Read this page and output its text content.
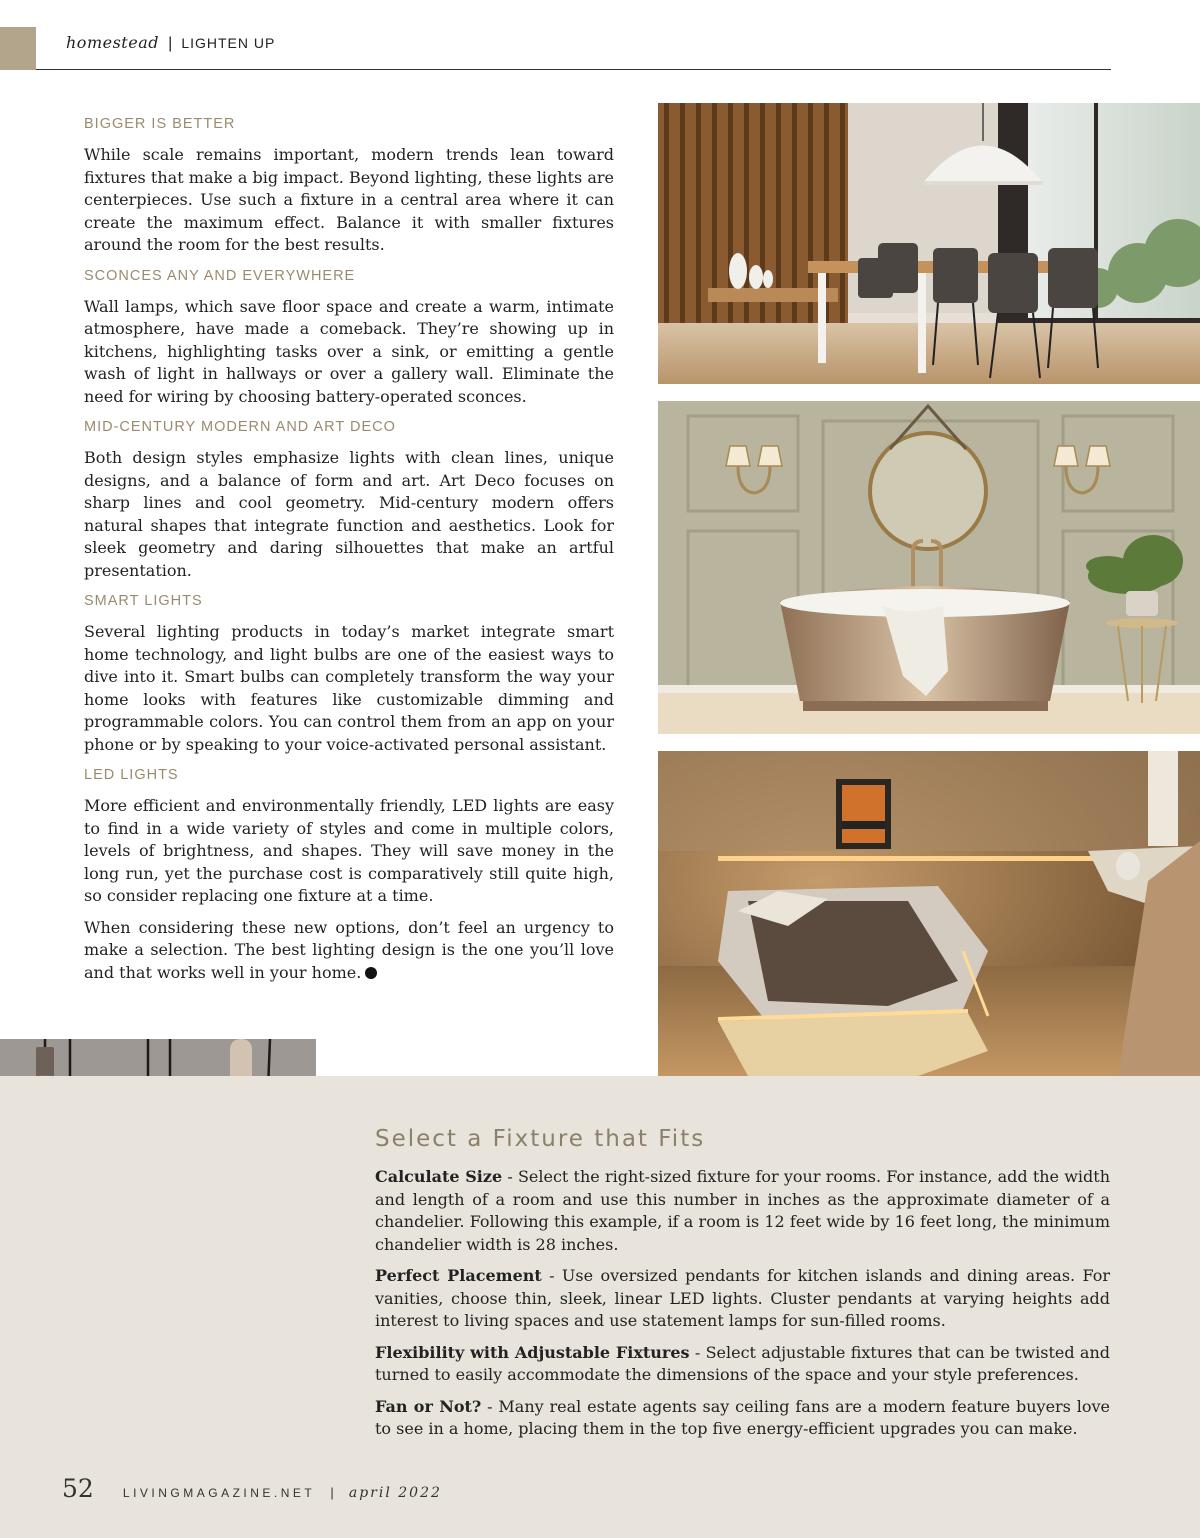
homestead | LIGHTEN UP
BIGGER IS BETTER

While scale remains important, modern trends lean toward fixtures that make a big impact. Beyond lighting, these lights are centerpieces. Use such a fixture in a central area where it can create the maximum effect. Balance it with smaller fixtures around the room for the best results.

SCONCES ANY AND EVERYWHERE

Wall lamps, which save floor space and create a warm, intimate atmosphere, have made a comeback. They’re showing up in kitchens, highlighting tasks over a sink, or emitting a gentle wash of light in hallways or over a gallery wall. Eliminate the need for wiring by choosing battery-operated sconces.

MID-CENTURY MODERN AND ART DECO

Both design styles emphasize lights with clean lines, unique designs, and a balance of form and art. Art Deco focuses on sharp lines and cool geometry. Mid-century modern offers natural shapes that integrate function and aesthetics. Look for sleek geometry and daring silhouettes that make an artful presentation.

SMART LIGHTS

Several lighting products in today’s market integrate smart home technology, and light bulbs are one of the easiest ways to dive into it. Smart bulbs can completely transform the way your home looks with features like customizable dimming and programmable colors. You can control them from an app on your phone or by speaking to your voice-activated personal assistant.

LED LIGHTS

More efficient and environmentally friendly, LED lights are easy to find in a wide variety of styles and come in multiple colors, levels of brightness, and shapes. They will save money in the long run, yet the purchase cost is comparatively still quite high, so consider replacing one fixture at a time.

When considering these new options, don’t feel an urgency to make a selection. The best lighting design is the one you’ll love and that works well in your home.

Select a Fixture that Fits

Calculate Size - Select the right-sized fixture for your rooms. For instance, add the width and length of a room and use this number in inches as the approximate diameter of a chandelier. Following this example, if a room is 12 feet wide by 16 feet long, the minimum chandelier width is 28 inches.

Perfect Placement - Use oversized pendants for kitchen islands and dining areas. For vanities, choose thin, sleek, linear LED lights. Cluster pendants at varying heights add interest to living spaces and use statement lamps for sun-filled rooms.

Flexibility with Adjustable Fixtures - Select adjustable fixtures that can be twisted and turned to easily accommodate the dimensions of the space and your style preferences.

Fan or Not? - Many real estate agents say ceiling fans are a modern feature buyers love to see in a home, placing them in the top five energy-efficient upgrades you can make.

52 LIVINGMAGAZINE.NET | april 2022
